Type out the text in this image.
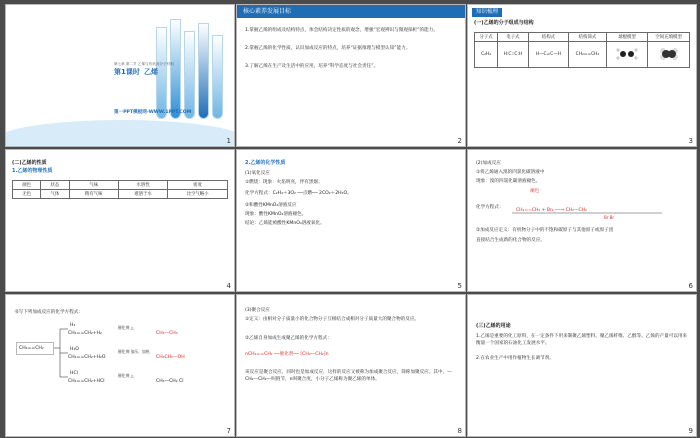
第七章 第二节 乙烯与有机高分子材料
第1课时 乙烯
第一PPT模板网-WWW.1PPT.COM
1
核心素养发展目标
1.掌握乙烯的组成及结构特点，体会结构决定性质的观念，增强“宏观辨识与微观探析”的能力。
2.掌握乙烯的化学性质，认识加成反应的特点，培养“证据推理与模型认知”能力。
3.了解乙烯在生产及生活中的应用，培养“科学态度与社会责任”。
2
知识梳理
(一)乙烯的分子组成与结构
分子式	电子式	结构式	结构简式	球棍模型	空间充填模型
C₂H₄	H:C::C:H	H—C=C—H	CH₂==CH₂		
3
(二)乙烯的性质
1.乙烯的物理性质
颜色	状态	气味	水溶性	密度
无色	气体	稍有气味	难溶于水	比空气略小
4
2.乙烯的化学性质
(1)氧化反应
①燃烧：现象：火焰明亮，伴有黑烟；
化学方程式：C₂H₄＋3O₂ ──点燃── 2CO₂＋2H₂O。
②和酸性KMnO₄溶液反应
现象：酸性KMnO₄溶液褪色。
结论：乙烯能被酸性KMnO₄溶液氧化。
5
(2)加成反应
①将乙烯通入溴的四氯化碳溶液中
现象：溴的四氯化碳溶液褪色。
褪色
化学方程式：
CH₂==CH₂ + Br₂ ──→ CH₂—CH₂
Br Br
②加成反应定义：有机物分子中的不饱和碳原子与其他原子或原子团
直接结合生成新的化合物的反应。
6
书写下列加成反应的化学方程式：
CH₂==CH₂
H₂
H₂O
HCl
CH₂==CH₂+H₂
CH₂==CH₂+H₂O
CH₂==CH₂+HCl
催化剂 △
催化剂 加压、加热
催化剂 △
CH₃—CH₃
CH₃CH₂—OH
CH₃—CH₂ Cl
7
(3)聚合反应
①定义：由相对分子质量小的化合物分子互相结合成相对分子质量大的聚合物的反应。
②乙烯自身加成生成聚乙烯的化学方程式：
nCH₂==CH₂ ──催化剂── [CH₂—CH₂]n
该反应是聚合反应，同时也是加成反应，这样的反应又被称为加成聚合反应，简称加聚反应。其中，—CH₂—CH₂—叫链节，n叫聚合度，小分子乙烯称为聚乙烯的单体。
8
(三)乙烯的用途
1.乙烯是重要的化工原料，在一定条件下用来制聚乙烯塑料、聚乙烯纤维、乙醇等。乙烯的产量可以用来衡量一个国家的石油化工发展水平。
2.在农业生产中用作植物生长调节剂。
9
